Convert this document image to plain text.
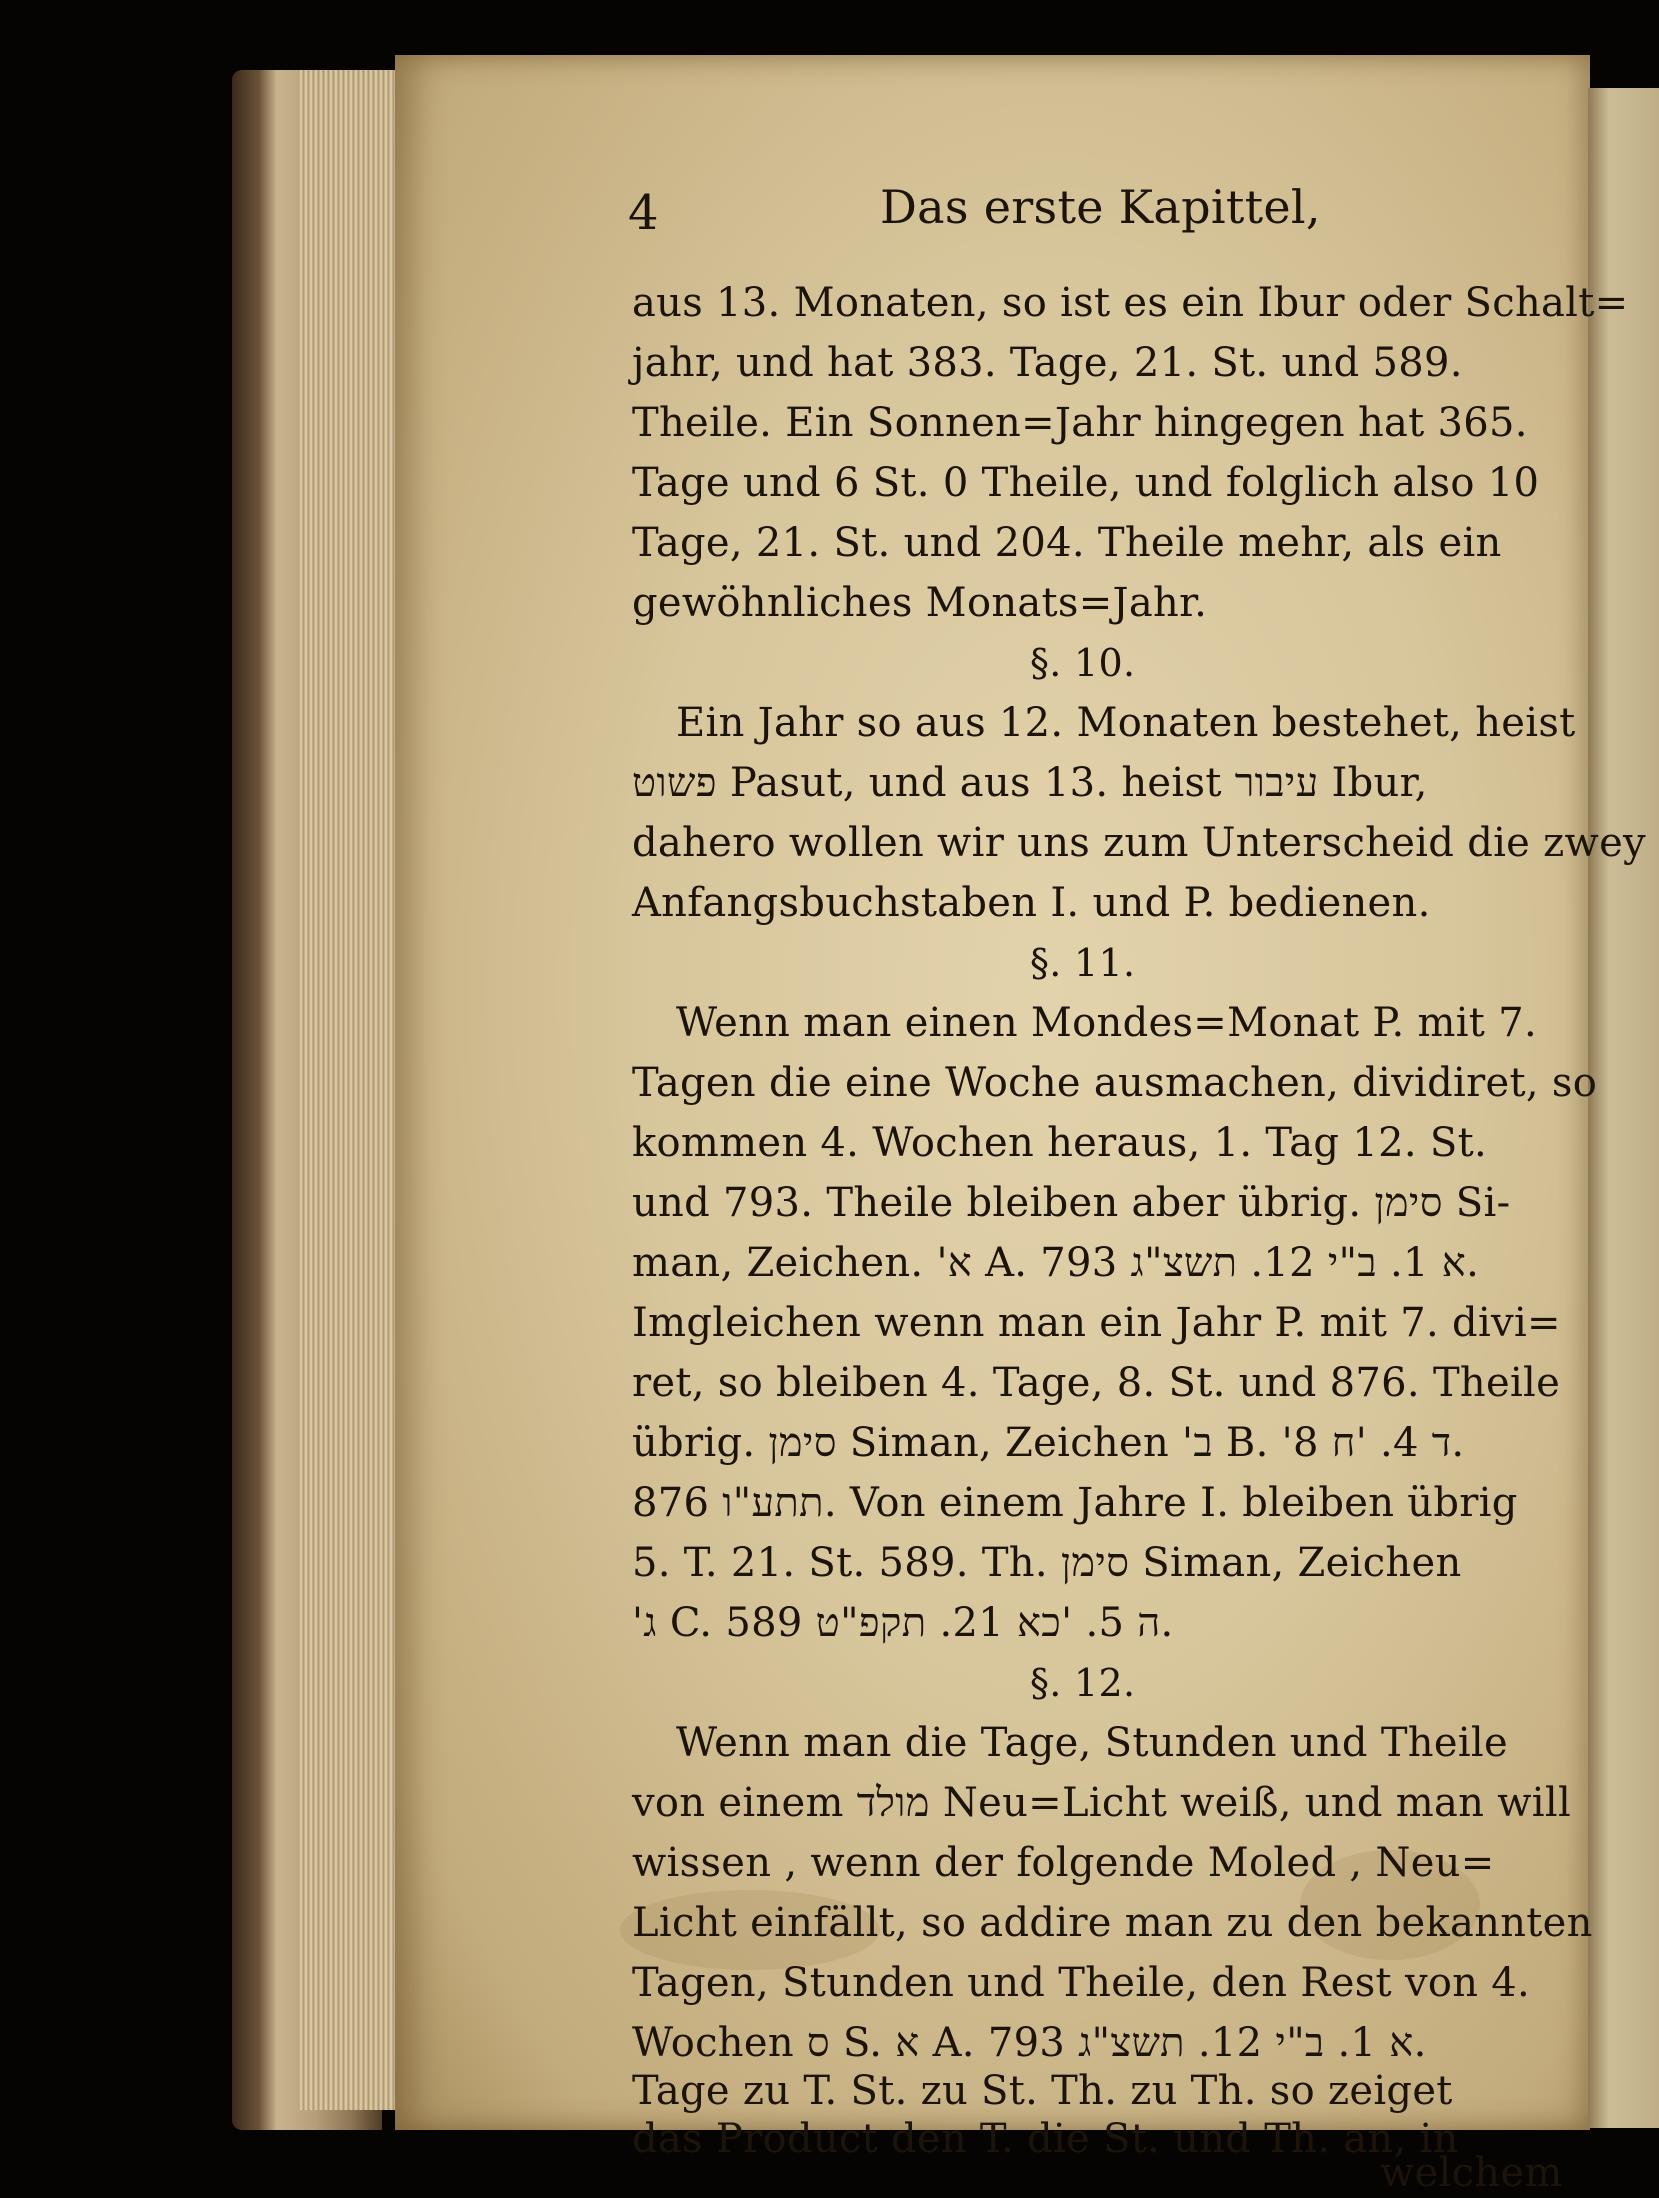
4	Das erste Kapittel,

aus 13. Monaten, so ist es ein Ibur oder Schalt=

jahr, und hat 383. Tage, 21. St. und 589.

Theile. Ein Sonnen=Jahr hingegen hat 365.

Tage und 6 St. 0 Theile, und folglich also 10

Tage, 21. St. und 204. Theile mehr, als ein

gewöhnliches Monats=Jahr.

§. 10.

Ein Jahr so aus 12. Monaten bestehet, heist

פשוט Pasut, und aus 13. heist עיבור Ibur,

dahero wollen wir uns zum Unterscheid die zwey

Anfangsbuchstaben I. und P. bedienen.

§. 11.

Wenn man einen Mondes=Monat P. mit 7.

Tagen die eine Woche ausmachen, dividiret, so

kommen 4. Wochen heraus, 1. Tag 12. St.

und 793. Theile bleiben aber übrig. סימן Si-

man, Zeichen. 'א A. א 1. ב"י 12. תשצ"ג 793.

Imgleichen wenn man ein Jahr P. mit 7. divi=

ret, so bleiben 4. Tage, 8. St. und 876. Theile

übrig. סימן Siman, Zeichen 'ב B. 'ד 4. 'ח 8.

תתע"ו 876. Von einem Jahre I. bleiben übrig

5. T. 21. St. 589. Th. סימן Siman, Zeichen

'ג C. ה 5. 'כא 21. תקפ"ט 589.

§. 12.

Wenn man die Tage, Stunden und Theile

von einem מולד Neu=Licht weiß, und man will

wissen , wenn der folgende Moled , Neu=

Licht einfällt, so addire man zu den bekannten

Tagen, Stunden und Theile, den Rest von 4.

Wochen ס S. א A. א 1. ב"י 12. תשצ"ג 793.

Tage zu T. St. zu St. Th. zu Th. so zeiget

das Product den T. die St. und Th. an, in

welchem
